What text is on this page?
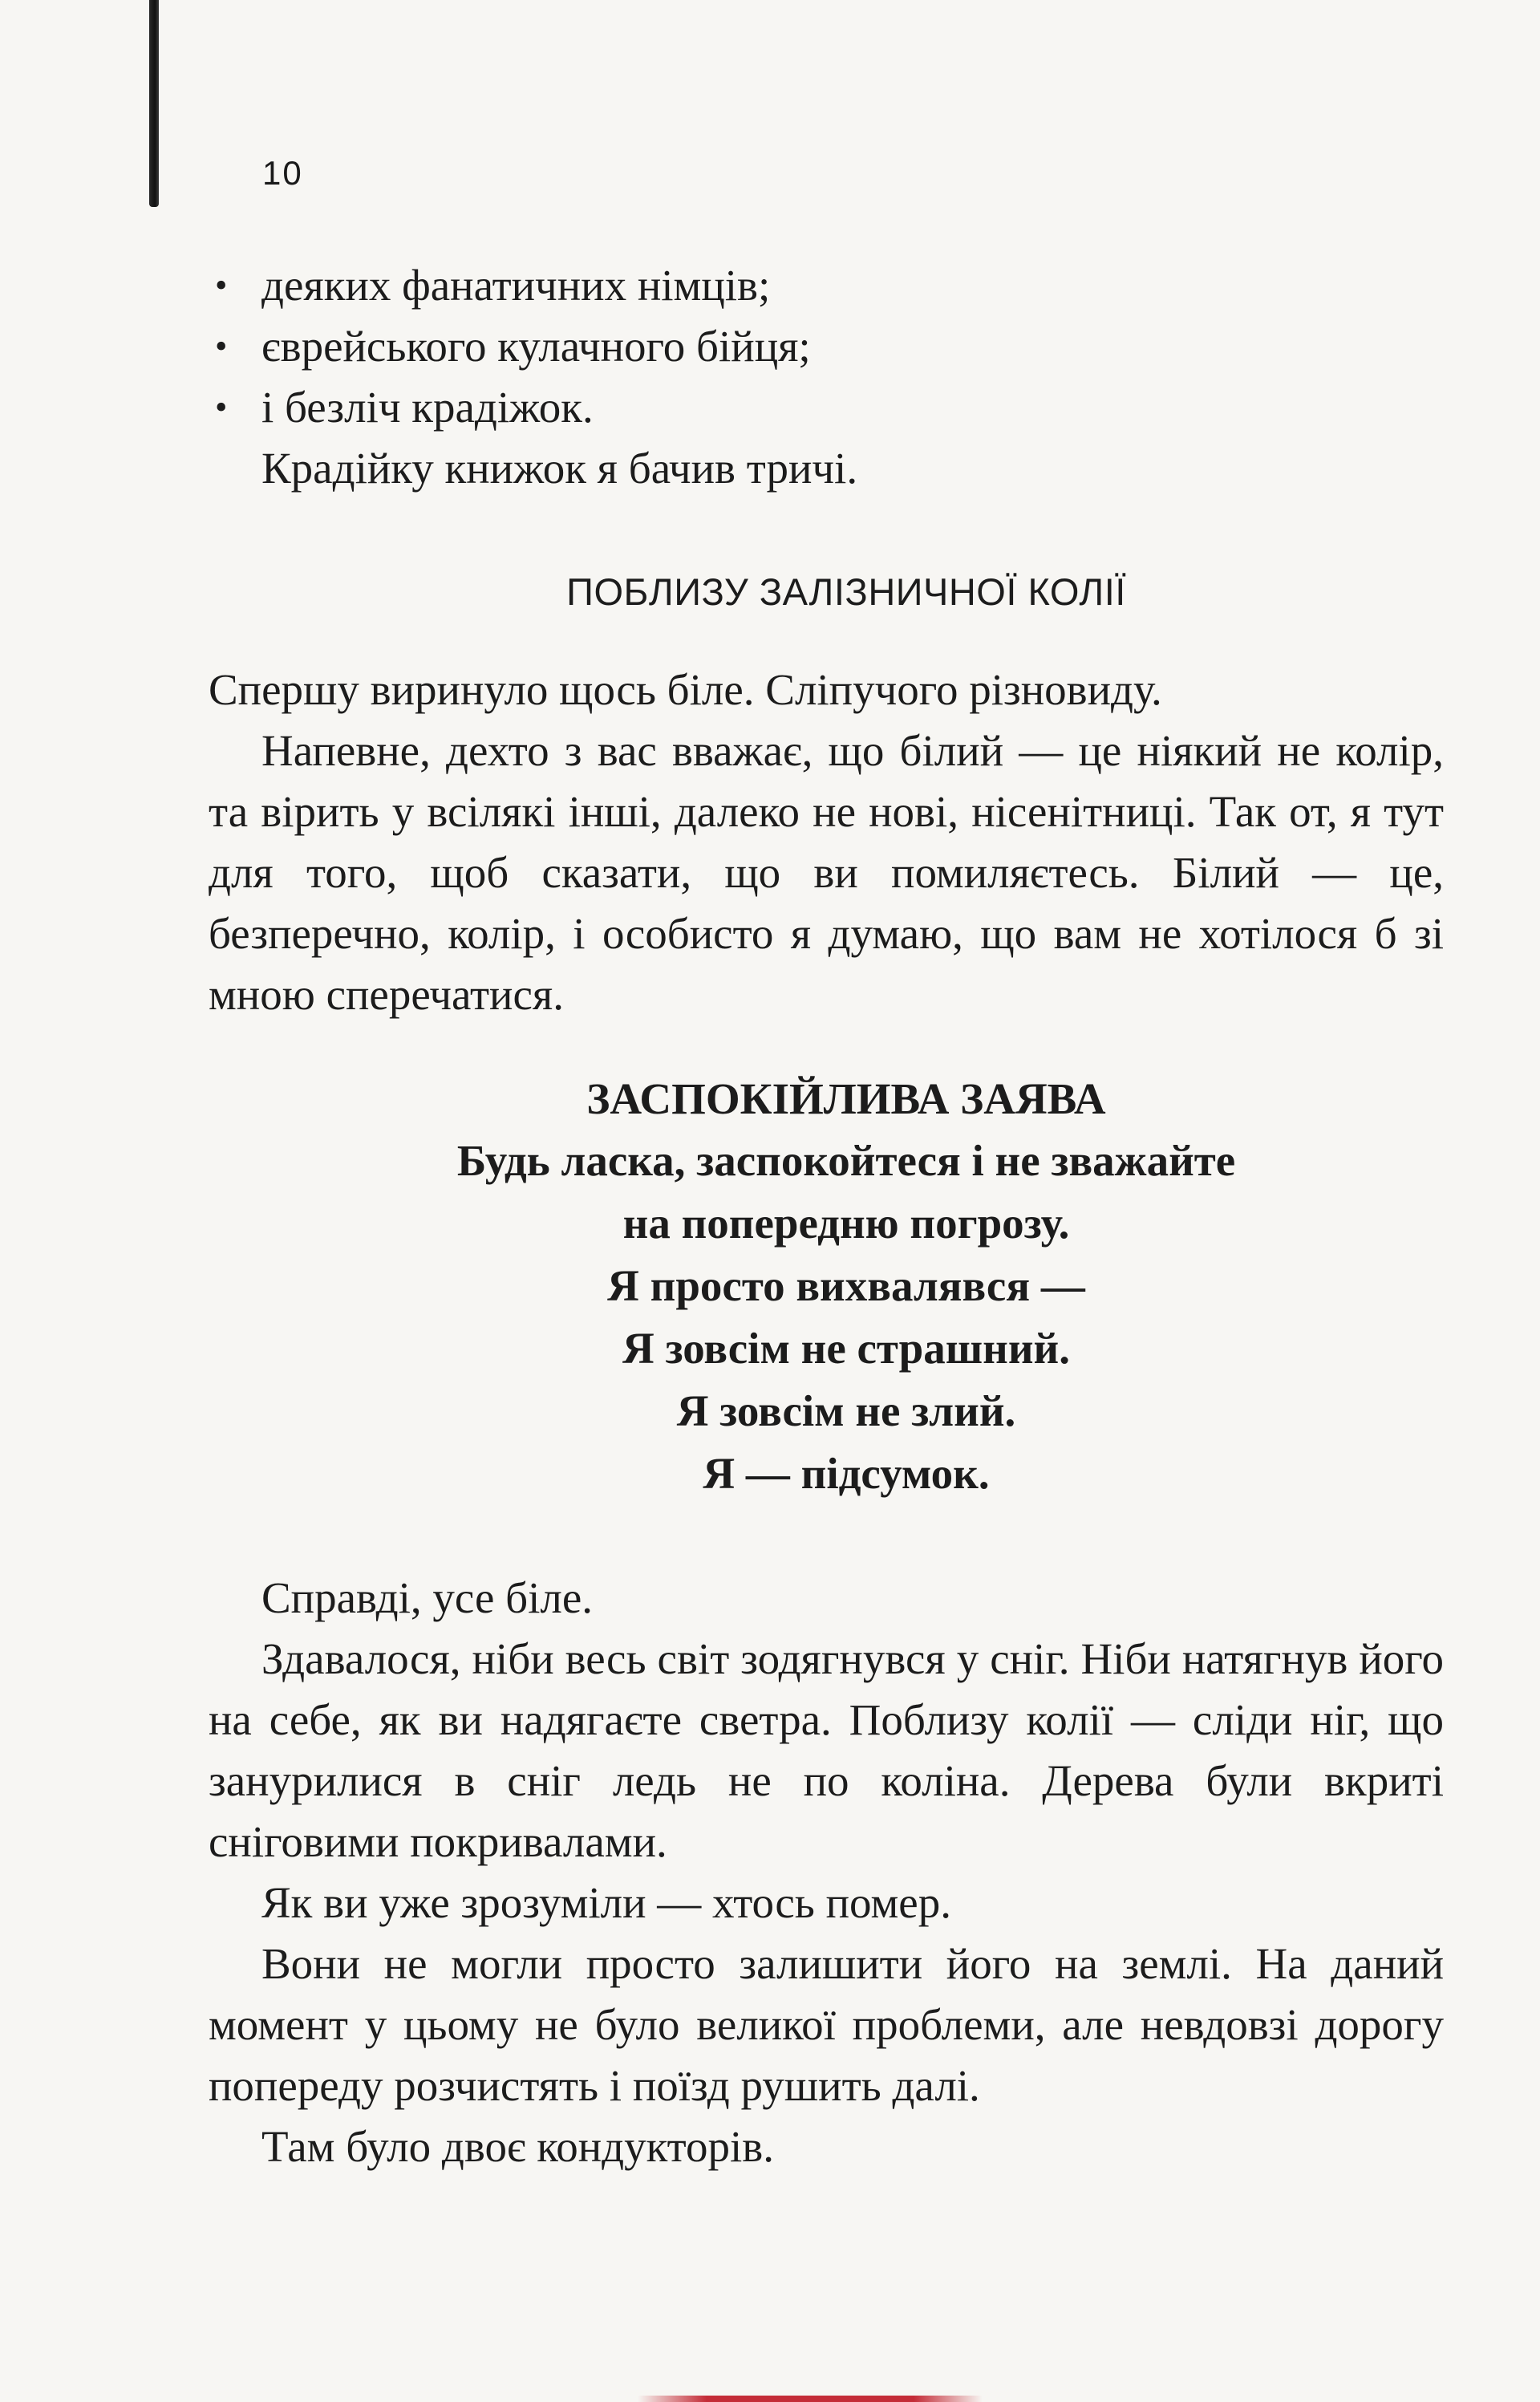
10
• деяких фанатичних німців;
• єврейського кулачного бійця;
• і безліч крадіжок.

Крадійку книжок я бачив тричі.

ПОБЛИЗУ ЗАЛІЗНИЧНОЇ КОЛІЇ

Спершу виринуло щось біле. Сліпучого різновиду.

Напевне, дехто з вас вважає, що білий — це ніякий не колір, та вірить у всілякі інші, далеко не нові, нісенітниці. Так от, я тут для того, щоб сказати, що ви помиляєтесь. Білий — це, безперечно, колір, і особисто я думаю, що вам не хотілося б зі мною сперечатися.

ЗАСПОКІЙЛИВА ЗАЯВА
Будь ласка, заспокойтеся і не зважайте
на попередню погрозу.
Я просто вихвалявся —
Я зовсім не страшний.
Я зовсім не злий.
Я — підсумок.

Справді, усе біле.

Здавалося, ніби весь світ зодягнувся у сніг. Ніби натягнув його на себе, як ви надягаєте светра. Поблизу колії — сліди ніг, що занурилися в сніг ледь не по коліна. Дерева були вкриті сніговими покривалами.

Як ви уже зрозуміли — хтось помер.

Вони не могли просто залишити його на землі. На даний момент у цьому не було великої проблеми, але невдовзі дорогу попереду розчистять і поїзд рушить далі.

Там було двоє кондукторів.
